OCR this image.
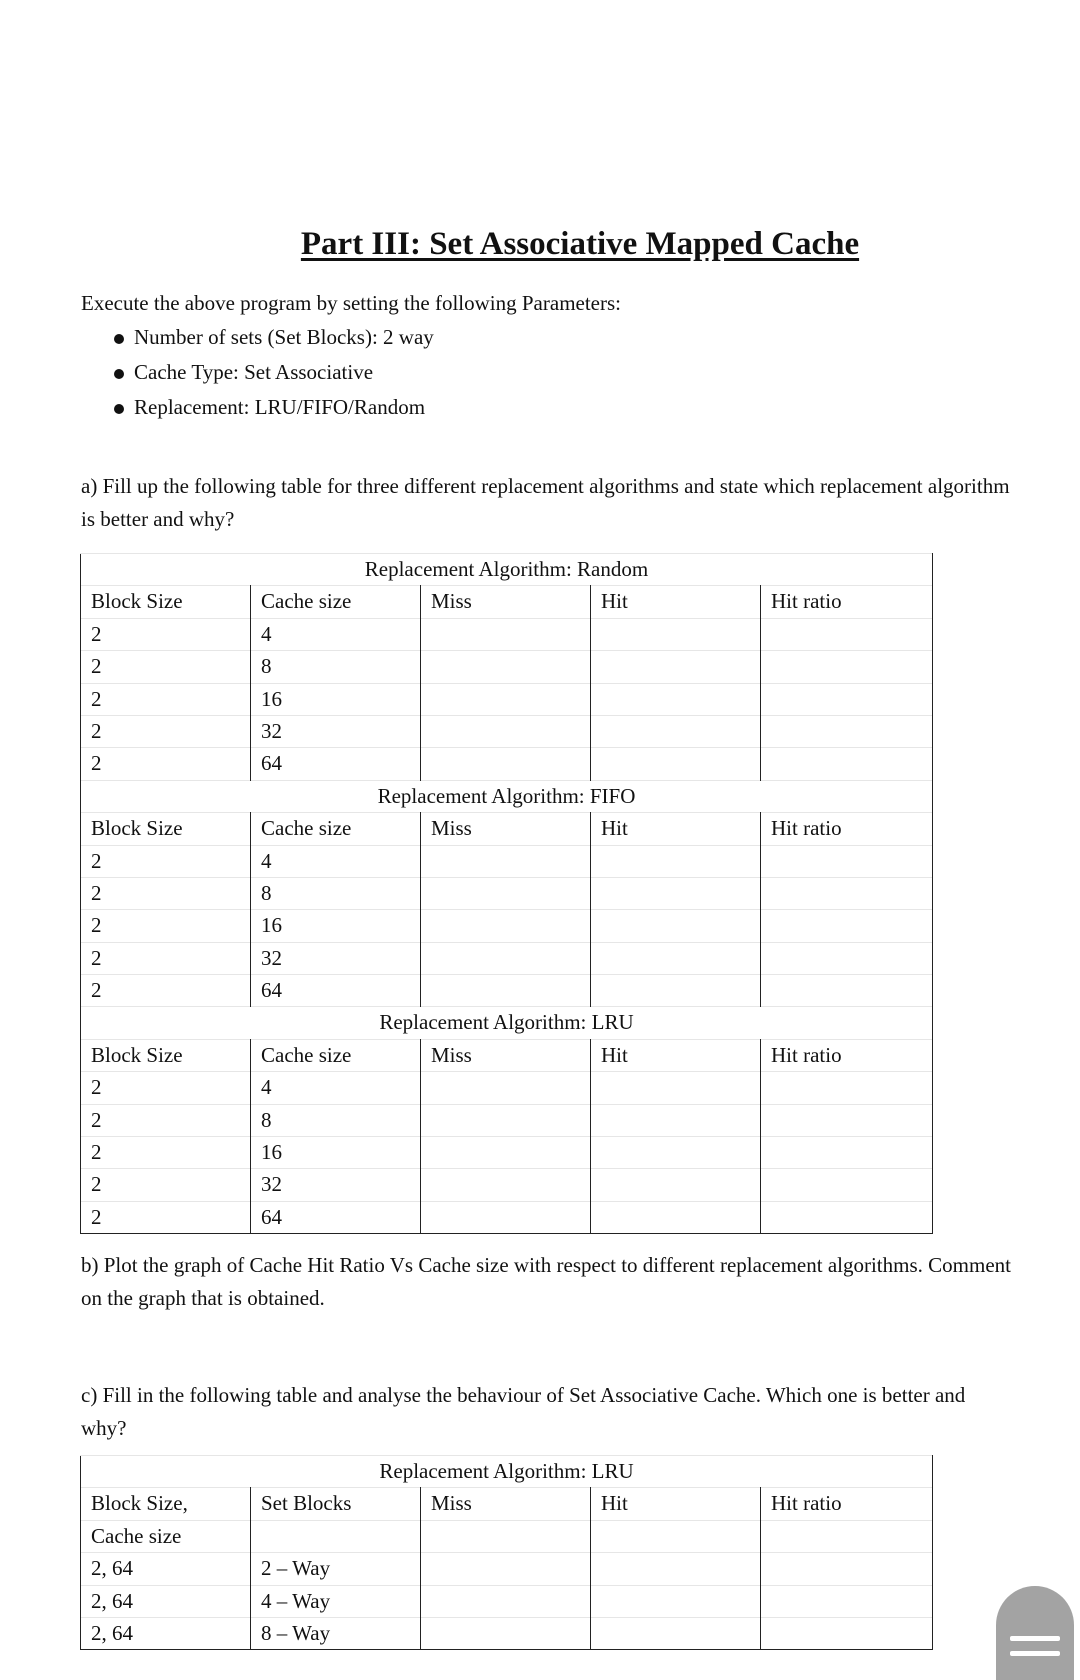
Part III: Set Associative Mapped Cache
Execute the above program by setting the following Parameters:
Number of sets (Set Blocks): 2 way
Cache Type: Set Associative
Replacement: LRU/FIFO/Random
a) Fill up the following table for three different replacement algorithms and state which replacement algorithm is better and why?
Replacement Algorithm: Random				
Block Size	Cache size	Miss	Hit	Hit ratio
2	4			
2	8			
2	16			
2	32			
2	64			
Replacement Algorithm: FIFO				
Block Size	Cache size	Miss	Hit	Hit ratio
2	4			
2	8			
2	16			
2	32			
2	64			
Replacement Algorithm: LRU				
Block Size	Cache size	Miss	Hit	Hit ratio
2	4			
2	8			
2	16			
2	32			
2	64			
b) Plot the graph of Cache Hit Ratio Vs Cache size with respect to different replacement algorithms. Comment on the graph that is obtained.
c) Fill in the following table and analyse the behaviour of Set Associative Cache. Which one is better and why?
Replacement Algorithm: LRU				
Block Size,	Set Blocks	Miss	Hit	Hit ratio
Cache size				
2, 64	2 – Way			
2, 64	4 – Way			
2, 64	8 – Way			
